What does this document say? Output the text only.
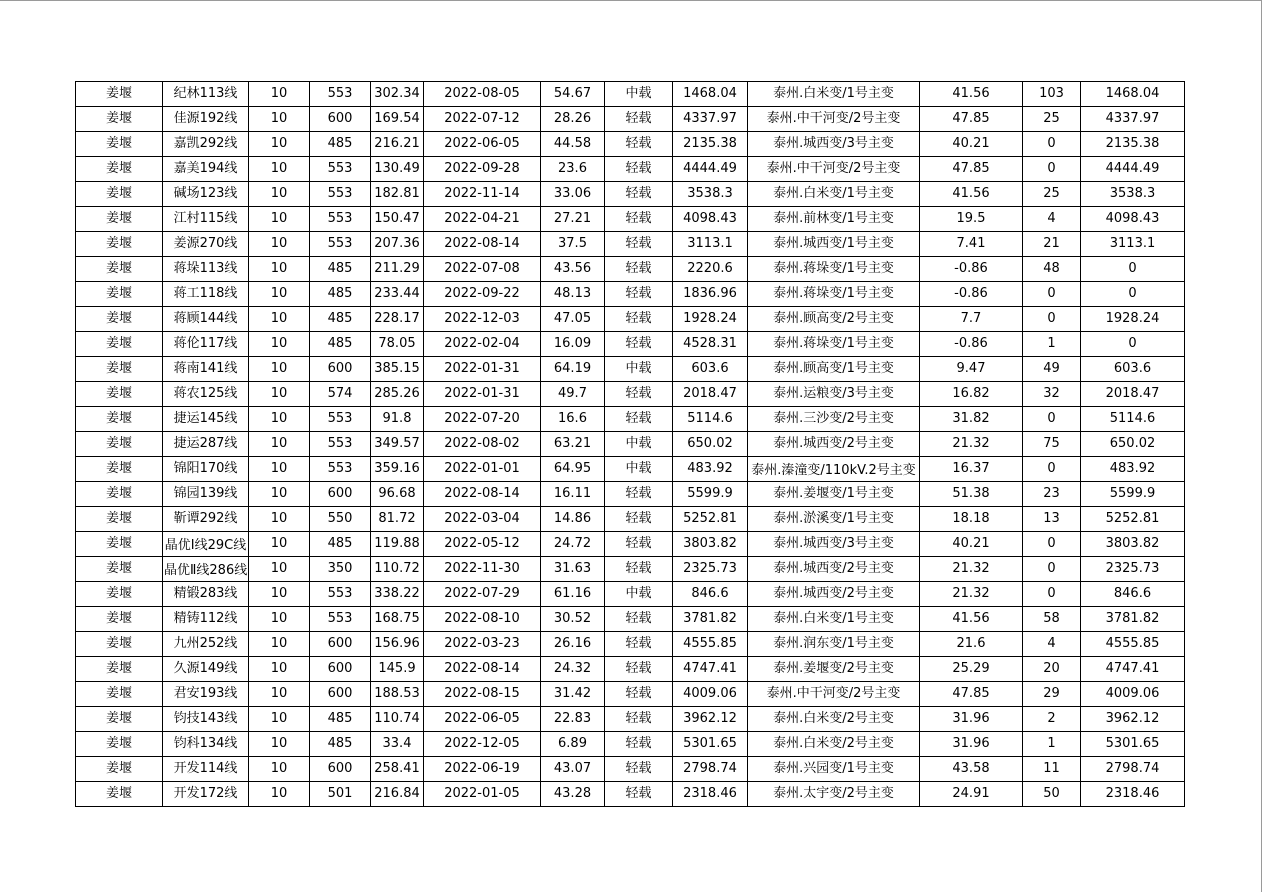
姜堰	纪林113线	10	553	302.34	2022-08-05	54.67	中载	1468.04	泰州.白米变/1号主变	41.56	103	1468.04
姜堰	佳源192线	10	600	169.54	2022-07-12	28.26	轻载	4337.97	泰州.中干河变/2号主变	47.85	25	4337.97
姜堰	嘉凯292线	10	485	216.21	2022-06-05	44.58	轻载	2135.38	泰州.城西变/3号主变	40.21	0	2135.38
姜堰	嘉美194线	10	553	130.49	2022-09-28	23.6	轻载	4444.49	泰州.中干河变/2号主变	47.85	0	4444.49
姜堰	碱场123线	10	553	182.81	2022-11-14	33.06	轻载	3538.3	泰州.白米变/1号主变	41.56	25	3538.3
姜堰	江村115线	10	553	150.47	2022-04-21	27.21	轻载	4098.43	泰州.前林变/1号主变	19.5	4	4098.43
姜堰	姜源270线	10	553	207.36	2022-08-14	37.5	轻载	3113.1	泰州.城西变/1号主变	7.41	21	3113.1
姜堰	蒋垛113线	10	485	211.29	2022-07-08	43.56	轻载	2220.6	泰州.蒋垛变/1号主变	-0.86	48	0
姜堰	蒋工118线	10	485	233.44	2022-09-22	48.13	轻载	1836.96	泰州.蒋垛变/1号主变	-0.86	0	0
姜堰	蒋顾144线	10	485	228.17	2022-12-03	47.05	轻载	1928.24	泰州.顾高变/2号主变	7.7	0	1928.24
姜堰	蒋伦117线	10	485	78.05	2022-02-04	16.09	轻载	4528.31	泰州.蒋垛变/1号主变	-0.86	1	0
姜堰	蒋南141线	10	600	385.15	2022-01-31	64.19	中载	603.6	泰州.顾高变/1号主变	9.47	49	603.6
姜堰	蒋农125线	10	574	285.26	2022-01-31	49.7	轻载	2018.47	泰州.运粮变/3号主变	16.82	32	2018.47
姜堰	捷运145线	10	553	91.8	2022-07-20	16.6	轻载	5114.6	泰州.三沙变/2号主变	31.82	0	5114.6
姜堰	捷运287线	10	553	349.57	2022-08-02	63.21	中载	650.02	泰州.城西变/2号主变	21.32	75	650.02
姜堰	锦阳170线	10	553	359.16	2022-01-01	64.95	中载	483.92	泰州.溱潼变/110kV.2号主变	16.37	0	483.92
姜堰	锦园139线	10	600	96.68	2022-08-14	16.11	轻载	5599.9	泰州.姜堰变/1号主变	51.38	23	5599.9
姜堰	靳谭292线	10	550	81.72	2022-03-04	14.86	轻载	5252.81	泰州.淤溪变/1号主变	18.18	13	5252.81
姜堰	晶优Ⅰ线29C线	10	485	119.88	2022-05-12	24.72	轻载	3803.82	泰州.城西变/3号主变	40.21	0	3803.82
姜堰	晶优Ⅱ线286线	10	350	110.72	2022-11-30	31.63	轻载	2325.73	泰州.城西变/2号主变	21.32	0	2325.73
姜堰	精锻283线	10	553	338.22	2022-07-29	61.16	中载	846.6	泰州.城西变/2号主变	21.32	0	846.6
姜堰	精铸112线	10	553	168.75	2022-08-10	30.52	轻载	3781.82	泰州.白米变/1号主变	41.56	58	3781.82
姜堰	九州252线	10	600	156.96	2022-03-23	26.16	轻载	4555.85	泰州.润东变/1号主变	21.6	4	4555.85
姜堰	久源149线	10	600	145.9	2022-08-14	24.32	轻载	4747.41	泰州.姜堰变/2号主变	25.29	20	4747.41
姜堰	君安193线	10	600	188.53	2022-08-15	31.42	轻载	4009.06	泰州.中干河变/2号主变	47.85	29	4009.06
姜堰	钧技143线	10	485	110.74	2022-06-05	22.83	轻载	3962.12	泰州.白米变/2号主变	31.96	2	3962.12
姜堰	钧科134线	10	485	33.4	2022-12-05	6.89	轻载	5301.65	泰州.白米变/2号主变	31.96	1	5301.65
姜堰	开发114线	10	600	258.41	2022-06-19	43.07	轻载	2798.74	泰州.兴园变/1号主变	43.58	11	2798.74
姜堰	开发172线	10	501	216.84	2022-01-05	43.28	轻载	2318.46	泰州.太宇变/2号主变	24.91	50	2318.46
